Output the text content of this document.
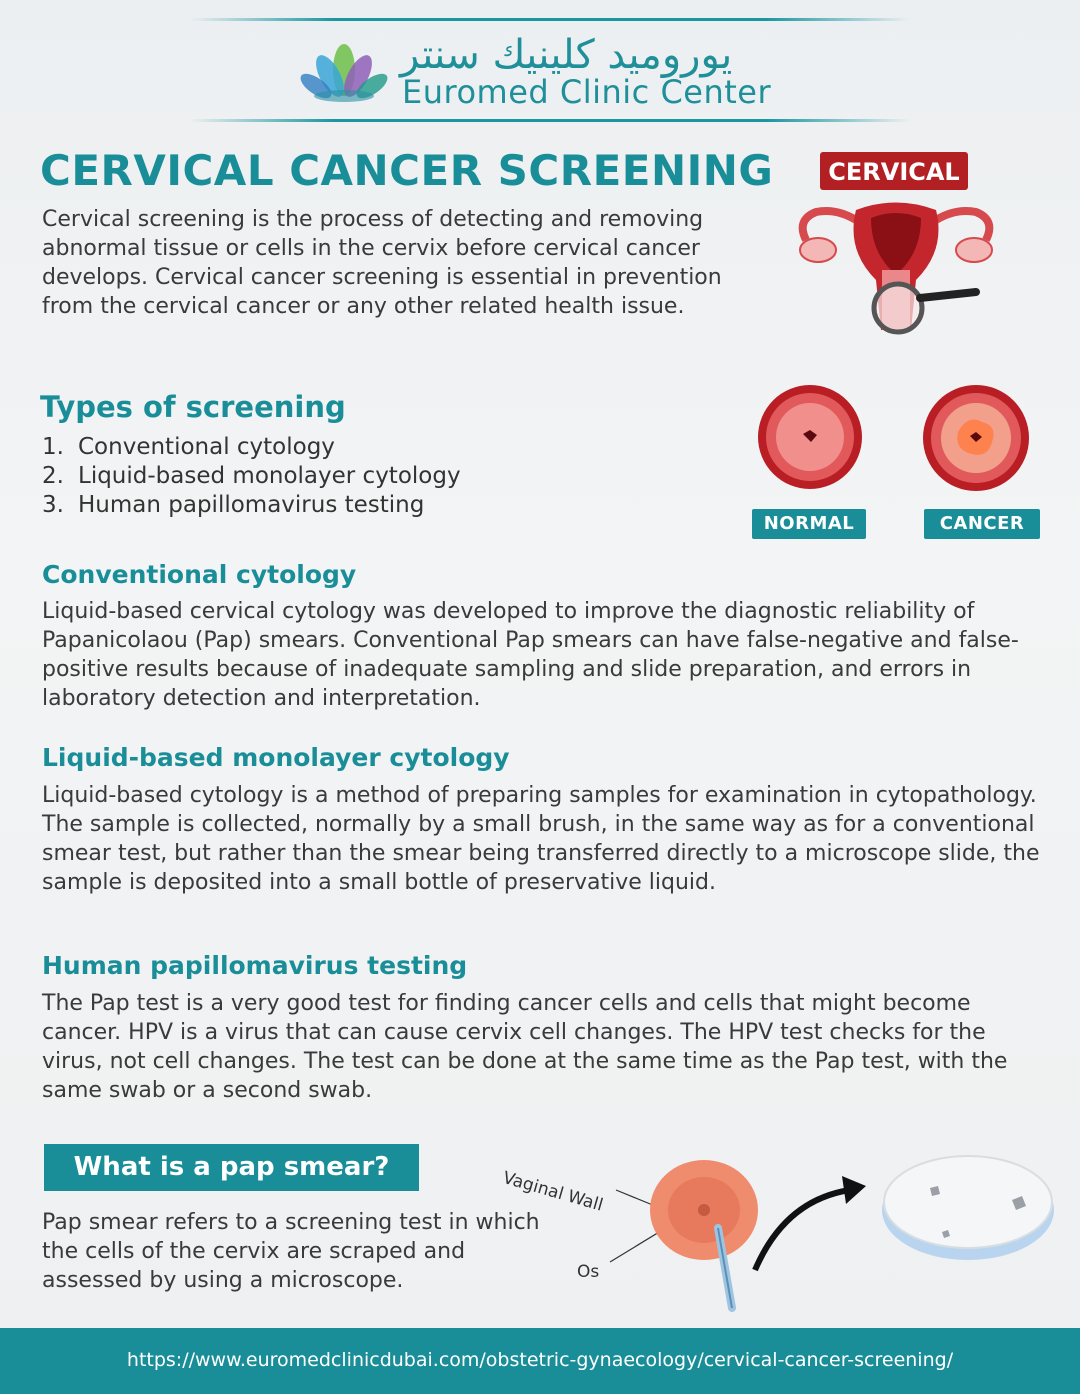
يوروميد كلينيك سنتر
Euromed Clinic Center
CERVICAL CANCER SCREENING
Cervical screening is the process of detecting and removing abnormal tissue or cells in the cervix before cervical cancer develops. Cervical cancer screening is essential in prevention from the cervical cancer or any other related health issue.
CERVICAL
Types of screening
1. Conventional cytology
2. Liquid-based monolayer cytology
3. Human papillomavirus testing
NORMAL	CANCER
Conventional cytology
Liquid-based cervical cytology was developed to improve the diagnostic reliability of Papanicolaou (Pap) smears. Conventional Pap smears can have false-negative and false-positive results because of inadequate sampling and slide preparation, and errors in laboratory detection and interpretation.
Liquid-based monolayer cytology
Liquid-based cytology is a method of preparing samples for examination in cytopathology. The sample is collected, normally by a small brush, in the same way as for a conventional smear test, but rather than the smear being transferred directly to a microscope slide, the sample is deposited into a small bottle of preservative liquid.
Human papillomavirus testing
The Pap test is a very good test for finding cancer cells and cells that might become cancer. HPV is a virus that can cause cervix cell changes. The HPV test checks for the virus, not cell changes. The test can be done at the same time as the Pap test, with the same swab or a second swab.
What is a pap smear?
Pap smear refers to a screening test in which the cells of the cervix are scraped and assessed by using a microscope.
Vaginal Wall
Os
https://www.euromedclinicdubai.com/obstetric-gynaecology/cervical-cancer-screening/
